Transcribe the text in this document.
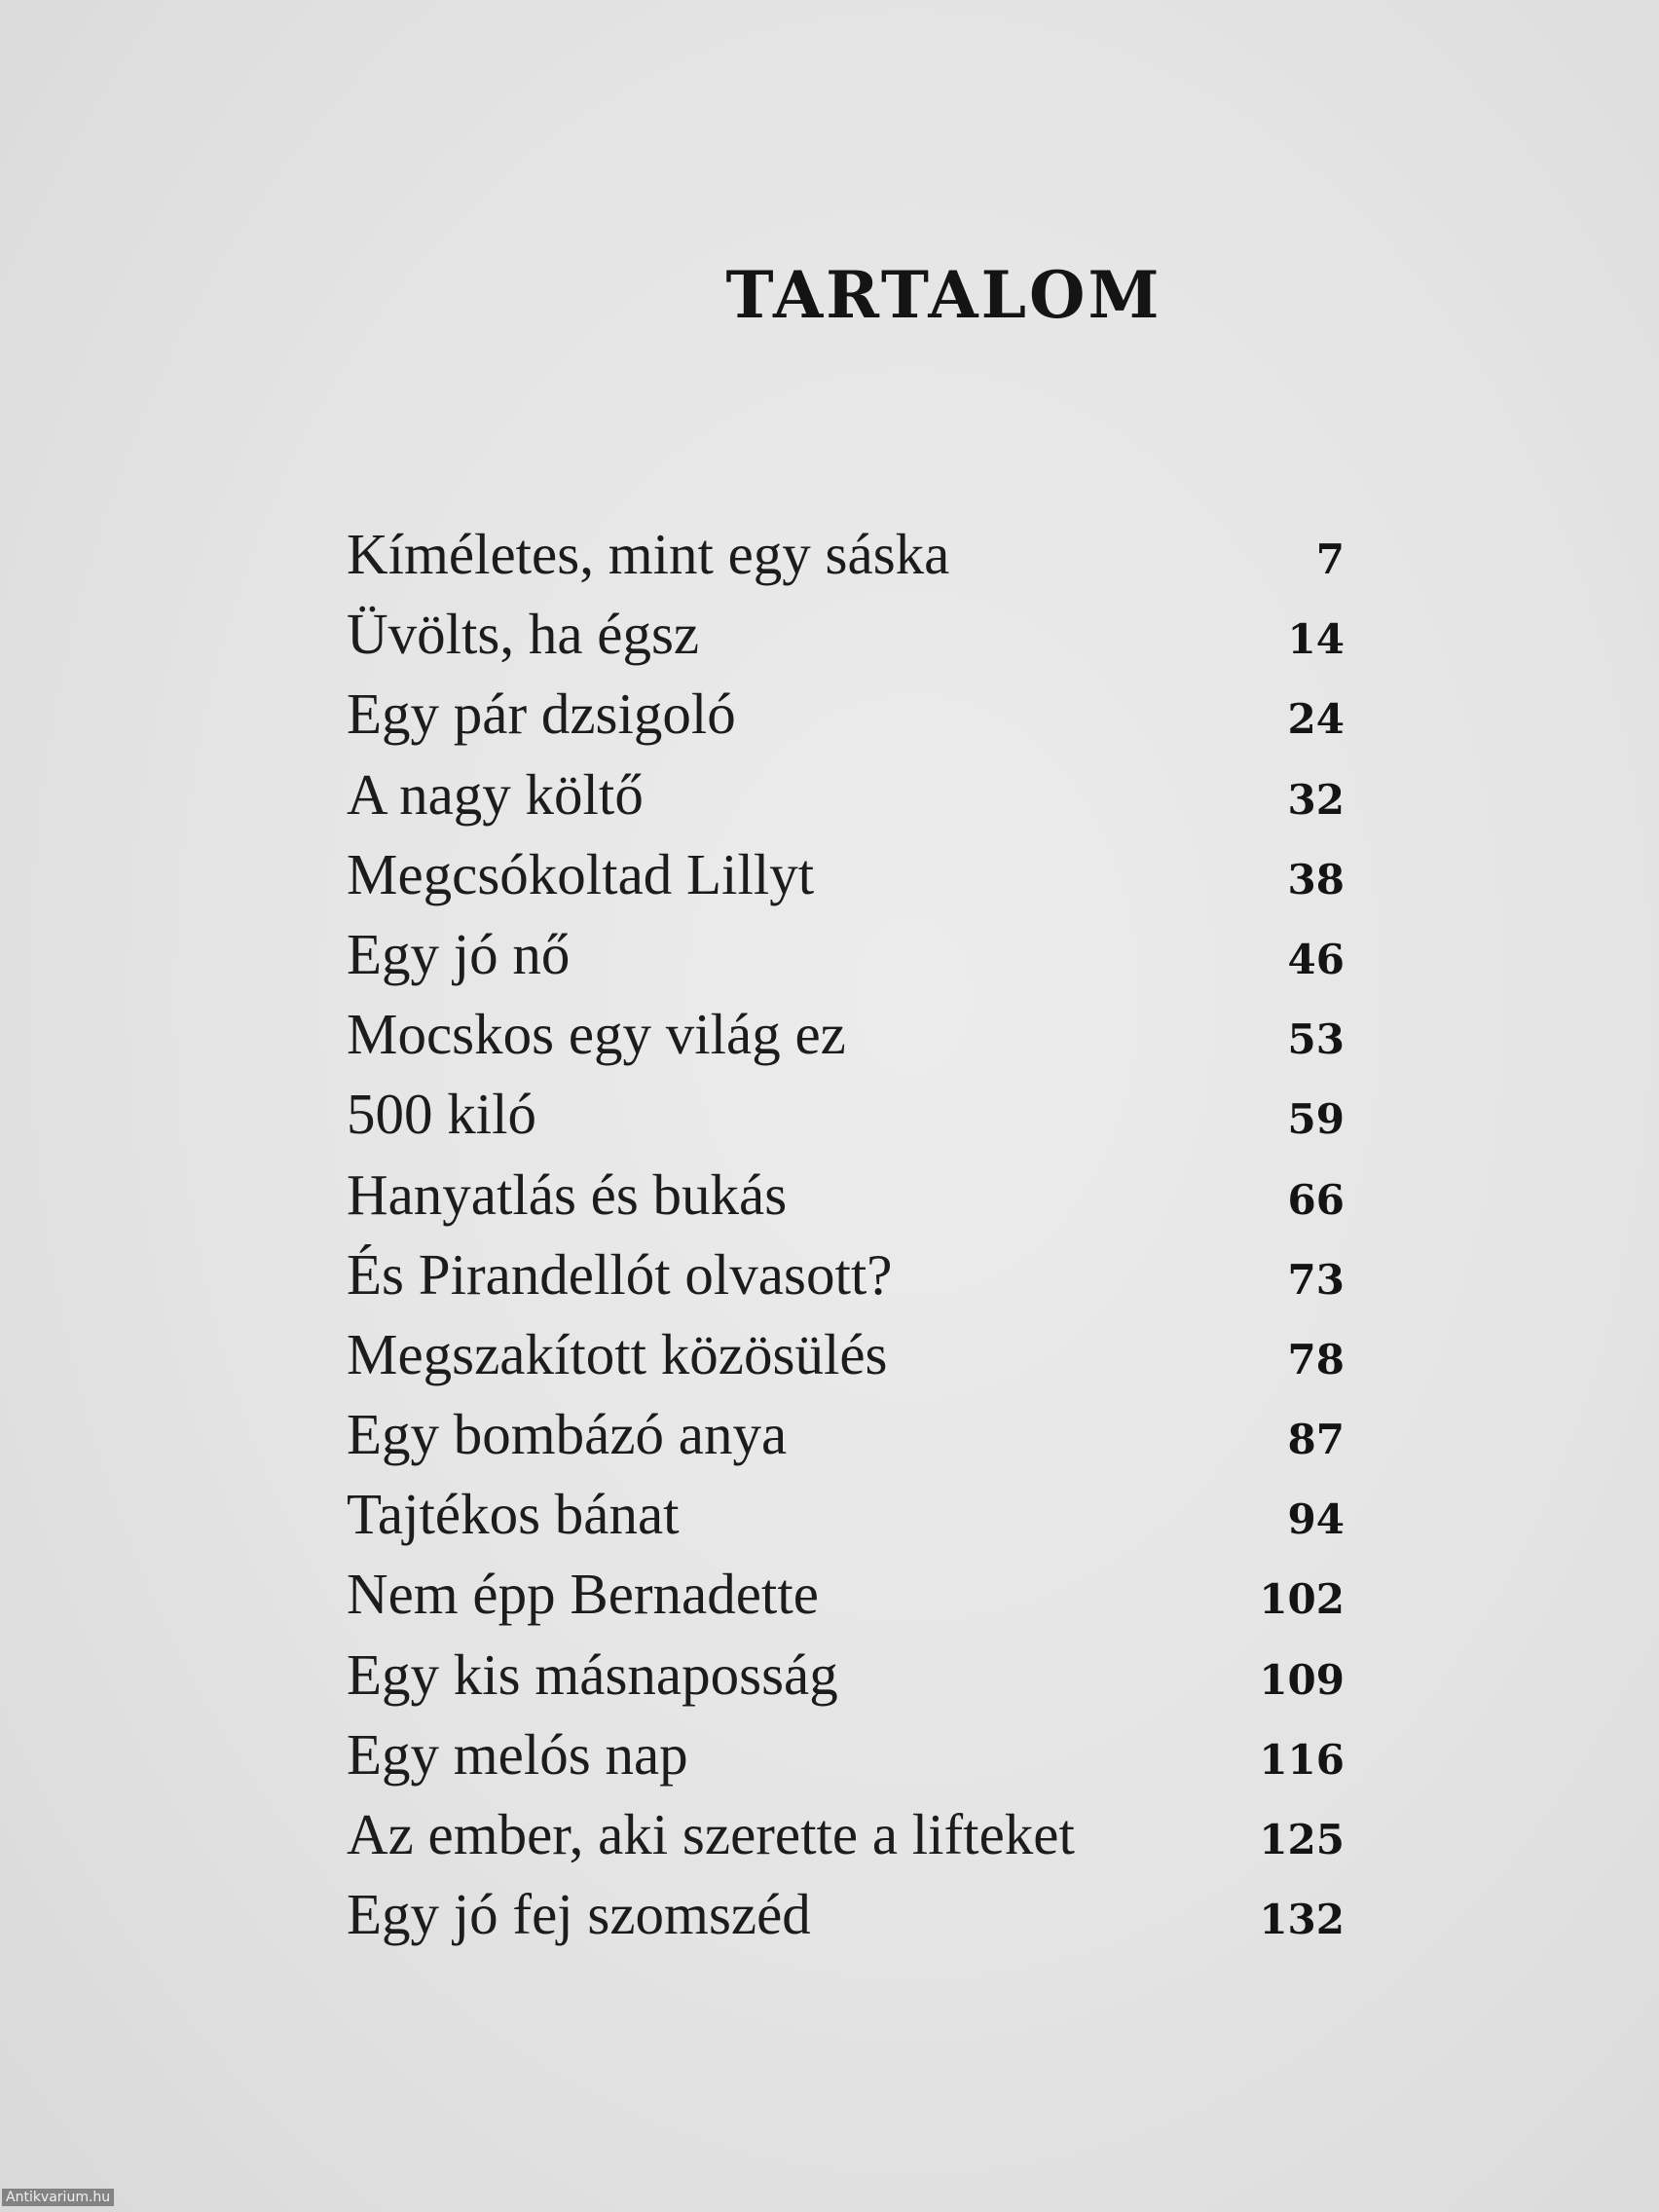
TARTALOM
Kíméletes, mint egy sáska	7
Üvölts, ha égsz	14
Egy pár dzsigoló	24
A nagy költő	32
Megcsókoltad Lillyt	38
Egy jó nő	46
Mocskos egy világ ez	53
500 kiló	59
Hanyatlás és bukás	66
És Pirandellót olvasott?	73
Megszakított közösülés	78
Egy bombázó anya	87
Tajtékos bánat	94
Nem épp Bernadette	102
Egy kis másnaposság	109
Egy melós nap	116
Az ember, aki szerette a lifteket	125
Egy jó fej szomszéd	132
Antikvarium.hu
